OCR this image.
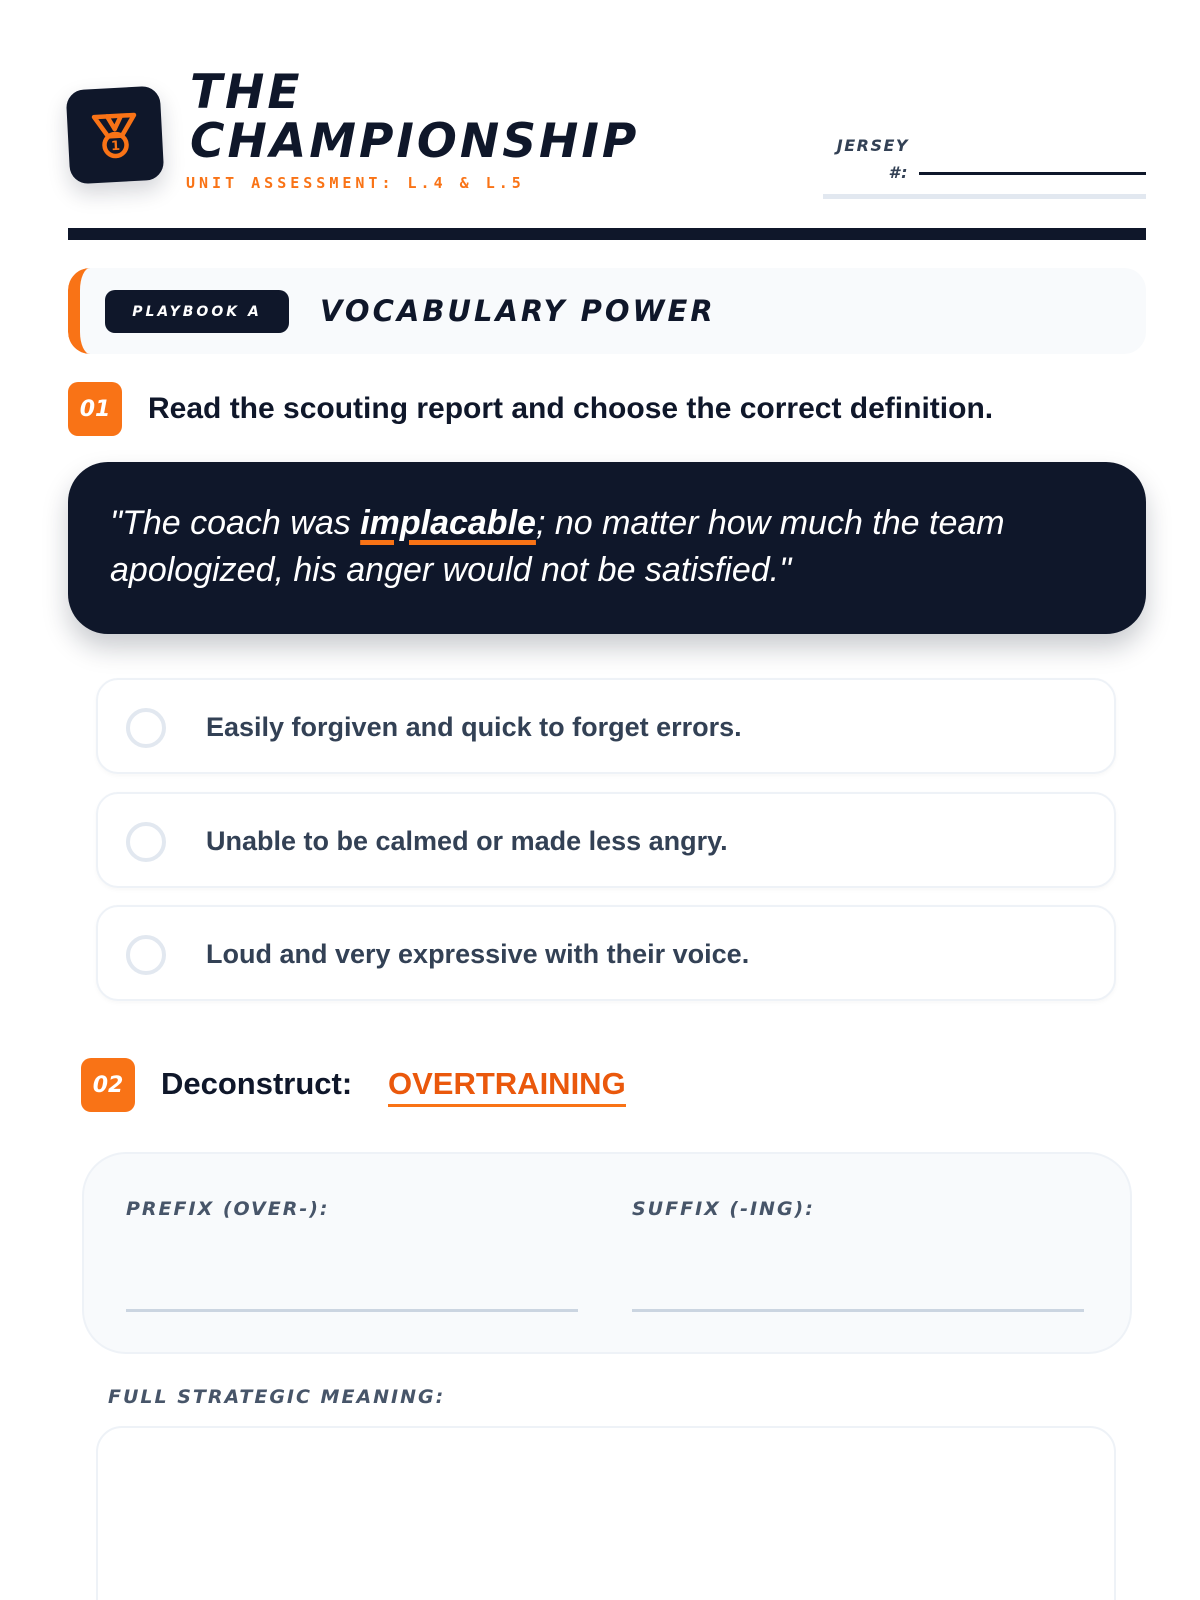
1
THE
CHAMPIONSHIP
UNIT ASSESSMENT: L.4 & L.5
JERSEY
#:
PLAYBOOK A	VOCABULARY POWER
01	Read the scouting report and choose the correct definition.
"The coach was implacable; no matter how much the team apologized, his anger would not be satisfied."
Easily forgiven and quick to forget errors.
Unable to be calmed or made less angry.
Loud and very expressive with their voice.
02	Deconstruct: OVERTRAINING
PREFIX (OVER-):	SUFFIX (-ING):
FULL STRATEGIC MEANING:
